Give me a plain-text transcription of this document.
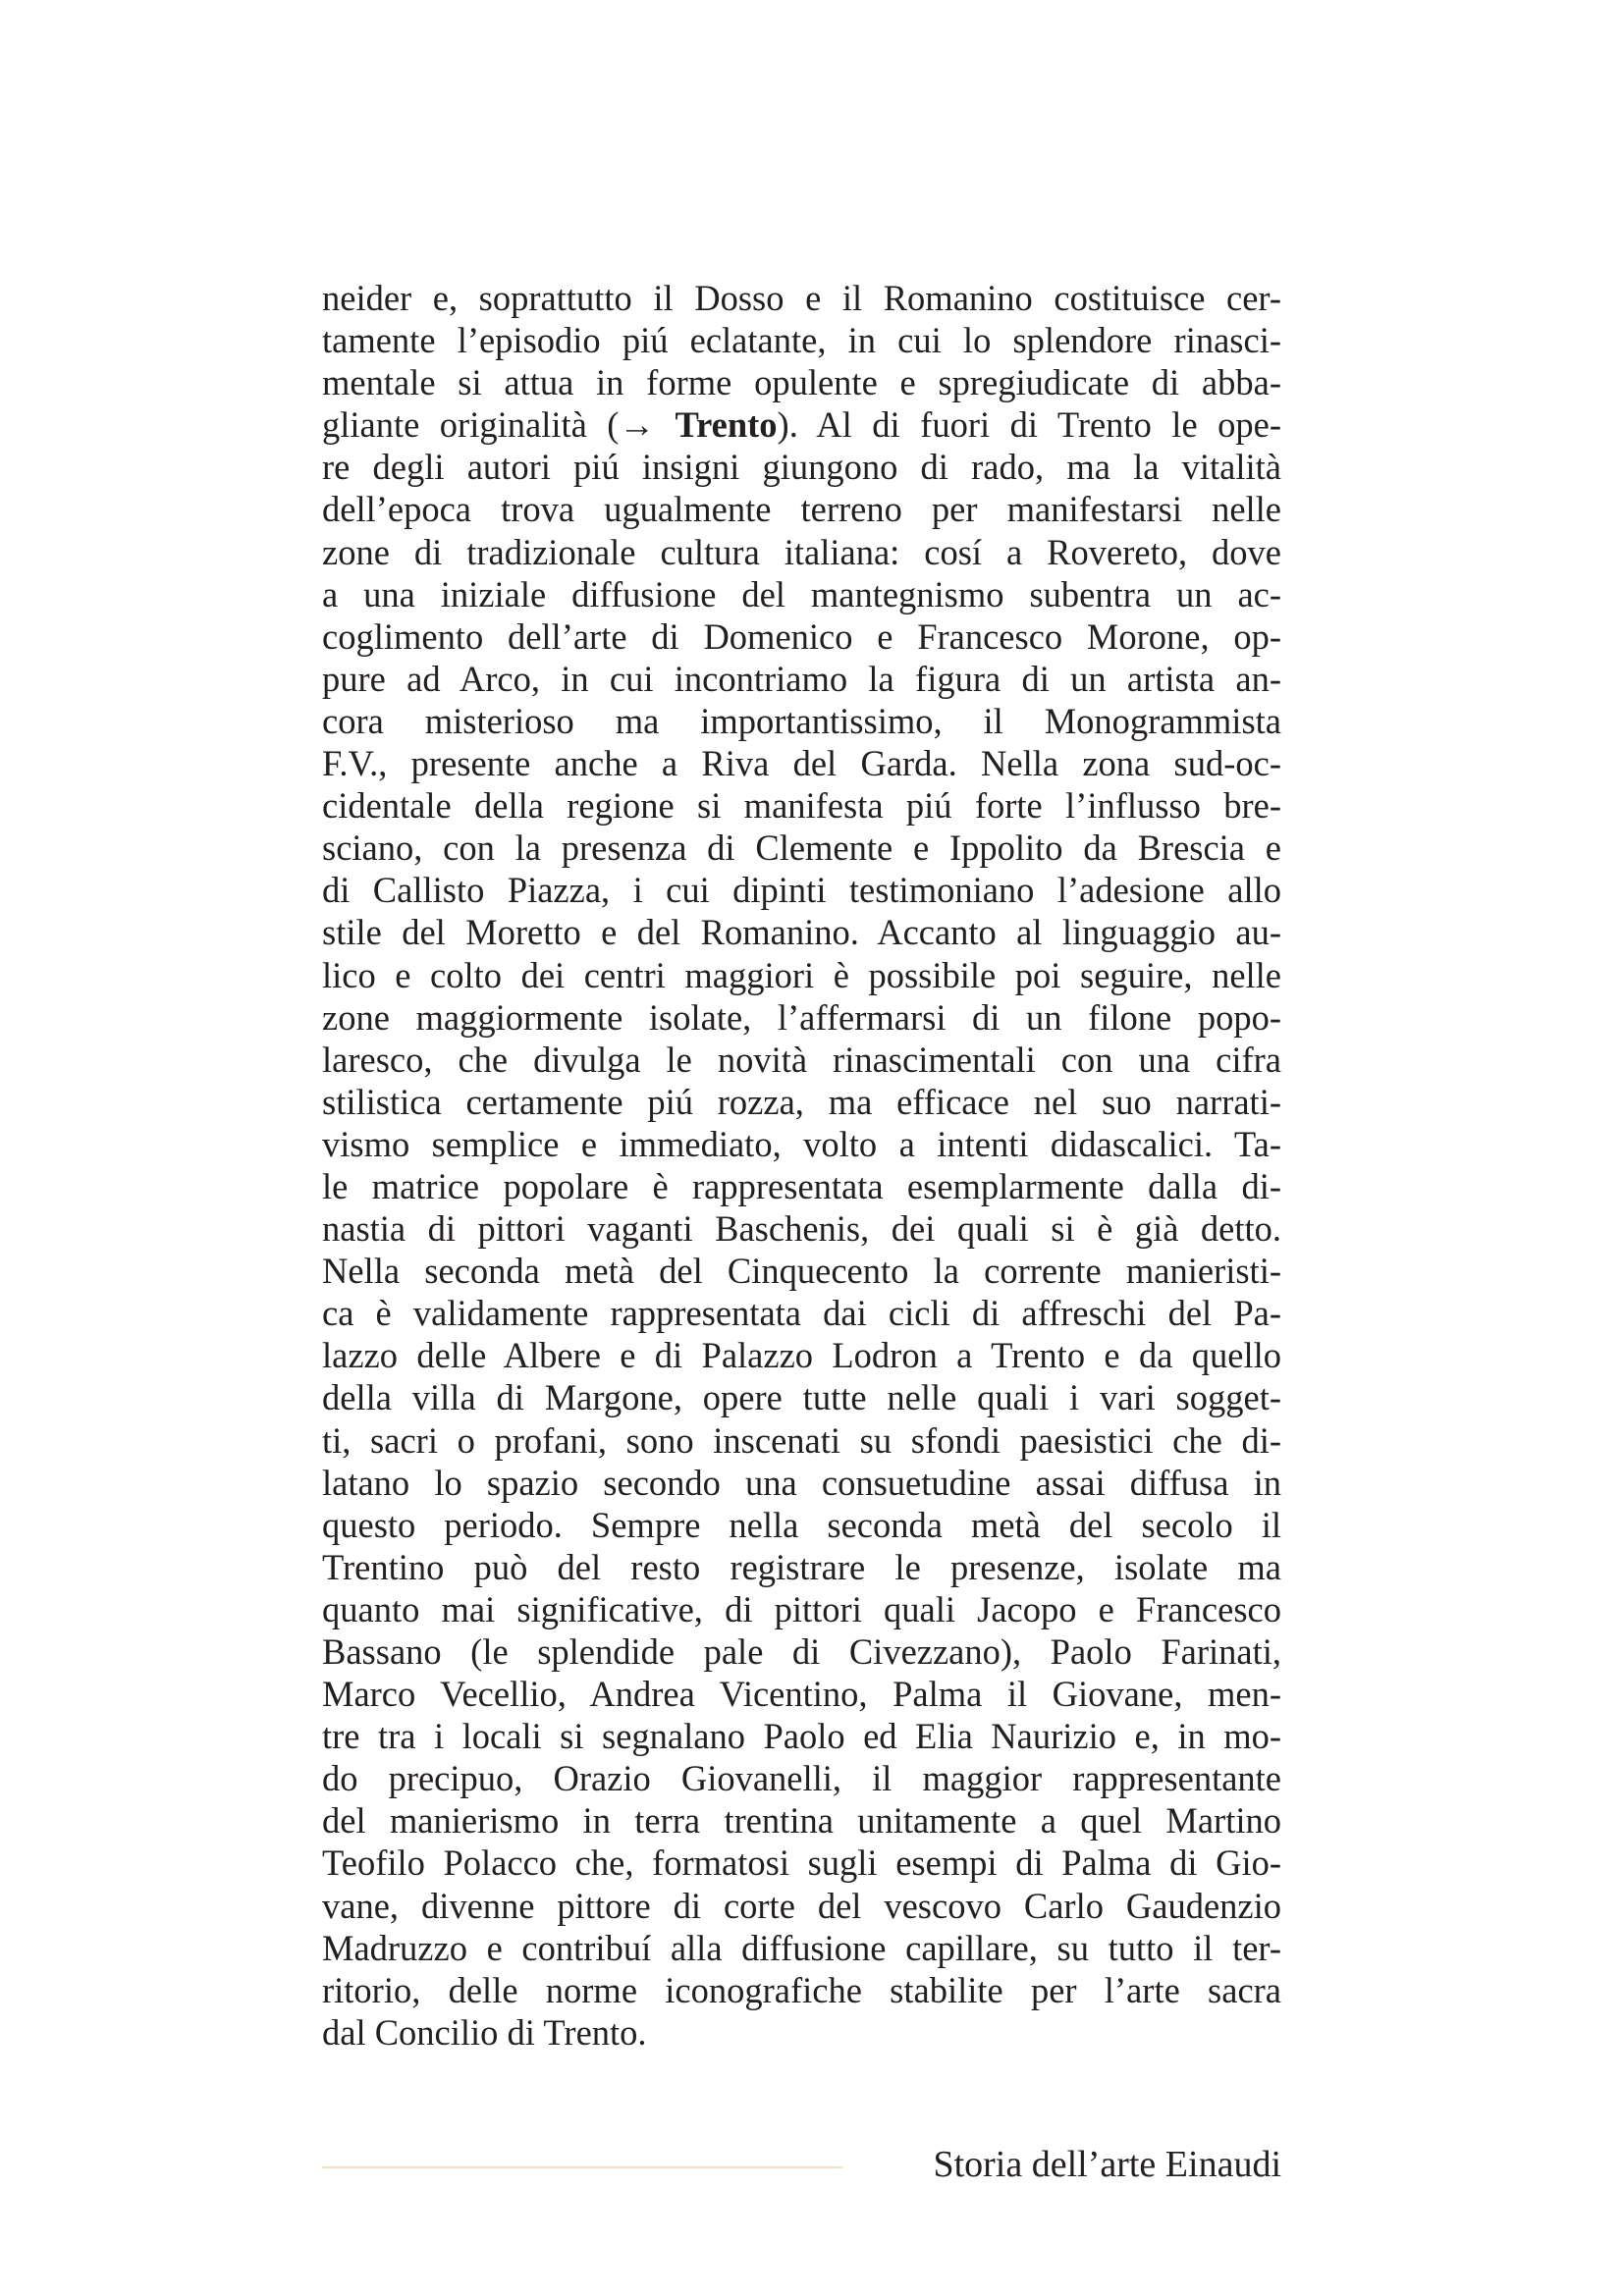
neider e, soprattutto il Dosso e il Romanino costituisce cer-
tamente l’episodio piú eclatante, in cui lo splendore rinasci-
mentale si attua in forme opulente e spregiudicate di abba-
gliante originalità (→ Trento). Al di fuori di Trento le ope-
re degli autori piú insigni giungono di rado, ma la vitalità
dell’epoca trova ugualmente terreno per manifestarsi nelle
zone di tradizionale cultura italiana: cosí a Rovereto, dove
a una iniziale diffusione del mantegnismo subentra un ac-
coglimento dell’arte di Domenico e Francesco Morone, op-
pure ad Arco, in cui incontriamo la figura di un artista an-
cora misterioso ma importantissimo, il Monogrammista
F.V., presente anche a Riva del Garda. Nella zona sud-oc-
cidentale della regione si manifesta piú forte l’influsso bre-
sciano, con la presenza di Clemente e Ippolito da Brescia e
di Callisto Piazza, i cui dipinti testimoniano l’adesione allo
stile del Moretto e del Romanino. Accanto al linguaggio au-
lico e colto dei centri maggiori è possibile poi seguire, nelle
zone maggiormente isolate, l’affermarsi di un filone popo-
laresco, che divulga le novità rinascimentali con una cifra
stilistica certamente piú rozza, ma efficace nel suo narrati-
vismo semplice e immediato, volto a intenti didascalici. Ta-
le matrice popolare è rappresentata esemplarmente dalla di-
nastia di pittori vaganti Baschenis, dei quali si è già detto.
Nella seconda metà del Cinquecento la corrente manieristi-
ca è validamente rappresentata dai cicli di affreschi del Pa-
lazzo delle Albere e di Palazzo Lodron a Trento e da quello
della villa di Margone, opere tutte nelle quali i vari sogget-
ti, sacri o profani, sono inscenati su sfondi paesistici che di-
latano lo spazio secondo una consuetudine assai diffusa in
questo periodo. Sempre nella seconda metà del secolo il
Trentino può del resto registrare le presenze, isolate ma
quanto mai significative, di pittori quali Jacopo e Francesco
Bassano (le splendide pale di Civezzano), Paolo Farinati,
Marco Vecellio, Andrea Vicentino, Palma il Giovane, men-
tre tra i locali si segnalano Paolo ed Elia Naurizio e, in mo-
do precipuo, Orazio Giovanelli, il maggior rappresentante
del manierismo in terra trentina unitamente a quel Martino
Teofilo Polacco che, formatosi sugli esempi di Palma di Gio-
vane, divenne pittore di corte del vescovo Carlo Gaudenzio
Madruzzo e contribuí alla diffusione capillare, su tutto il ter-
ritorio, delle norme iconografiche stabilite per l’arte sacra
dal Concilio di Trento.
Storia dell’arte Einaudi
